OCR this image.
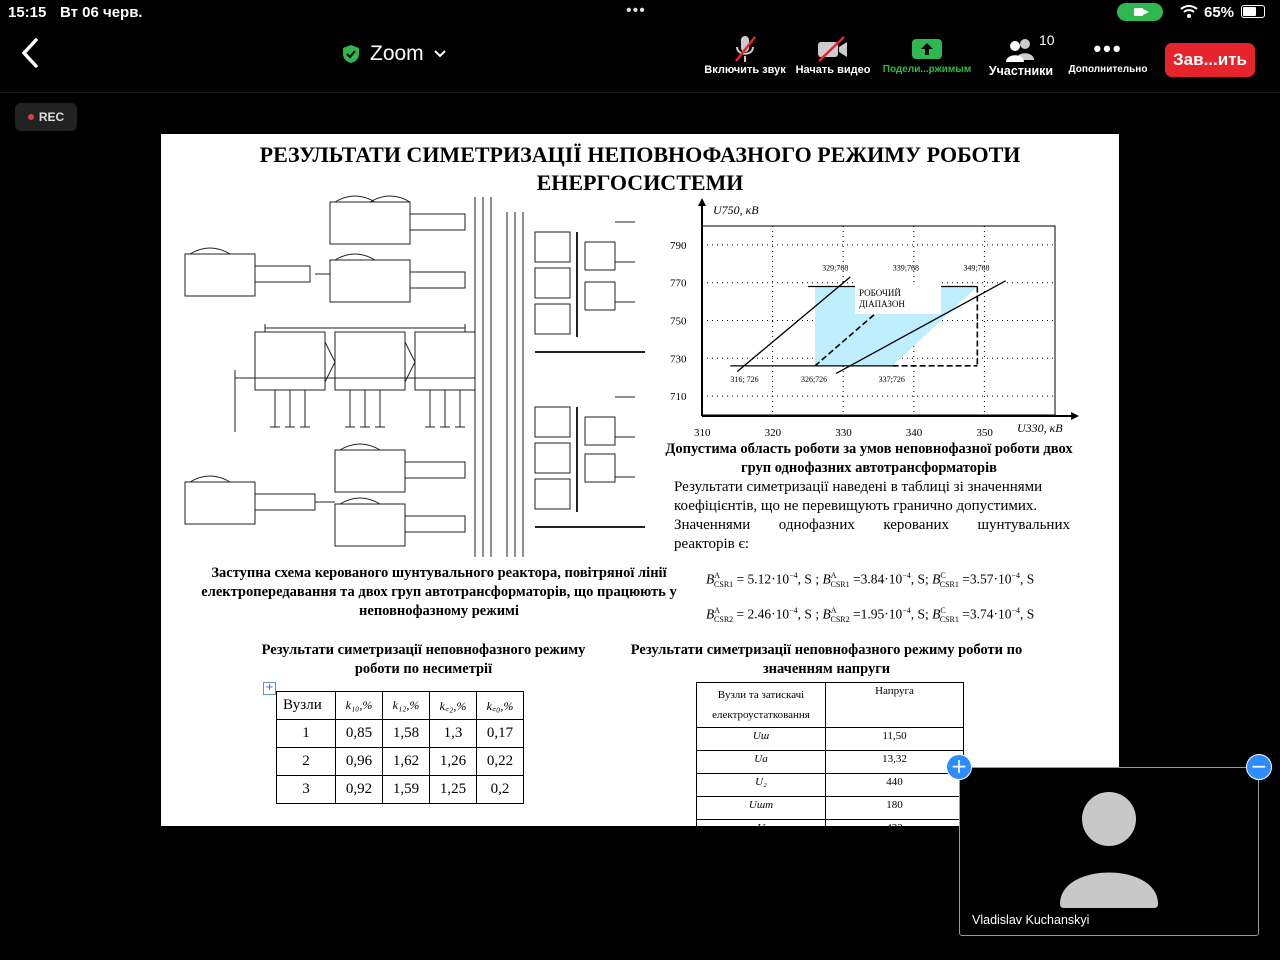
15:15 Вт 06 черв.	•••	65%
Zoom
Включить звук Начать видео	Подели...ржимым
10
Участники
•••
Дополнительно
Зав...ить
REC
РЕЗУЛЬТАТИ СИМЕТРИЗАЦІЇ НЕПОВНОФАЗНОГО РЕЖИМУ РОБОТИ
ЕНЕРГОСИСТЕМИ
РОБОЧИЙ
ДІАПАЗОН
310	320	330	340	350
790
770
750
730
710
316; 726	326;726	337;726
329;768	339;768	349;768
U750, кВ
U330, кВ
Допустима область роботи за умов неповнофазної роботи двох
груп однофазних автотрансформаторів
Результати симетризації наведені в таблиці зі значеннями
коефіцієнтів, що не перевищують гранично допустимих.
Значеннями однофазних керованих шунтувальних
реакторів є:
Заступна схема керованого шунтувального реактора, повітряної лінії
електропередавання та двох груп автотрансформаторів, що працюють у
неповнофазному режимі
$B^A_{CSR1} = 5.12\cdot 10^{-4}$, S ; $B^A_{CSR1} =3.84\cdot 10^{-4}$, S; $B^C_{CSR1} =3.57\cdot 10^{-4}$, S
$B^A_{CSR2} = 2.46\cdot 10^{-4}$, S ; $B^A_{CSR2} =1.95\cdot 10^{-4}$, S; $B^C_{CSR1} =3.74\cdot 10^{-4}$, S
Результати симетризації неповнофазного режиму
роботи по несиметрії
Результати симетризації неповнофазного режиму роботи по
значенням напруги
+
Вузли	k₁₀,%	k₁₂,%	k꜀₂,%	k꜀₀,%
1	0,85	1,58	1,3	0,17
2	0,96	1,62	1,26	0,22
3	0,92	1,59	1,25	0,2
Вузли та затискачі
електроустатковання	Напруга
Uш	11,50
Uа	13,32
U₂	440
Uшт	180
U	432
Vladislav Kuchanskyi
+	−
